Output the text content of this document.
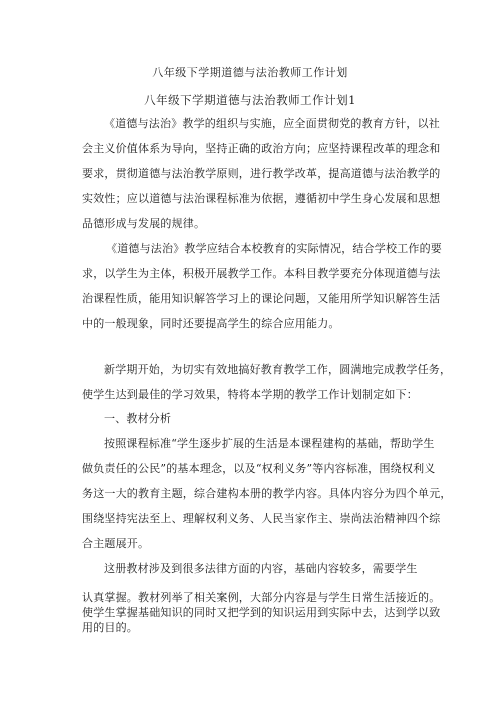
八年级下学期道德与法治教师工作计划
八年级下学期道德与法治教师工作计划1
《道德与法治》教学的组织与实施，应全面贯彻党的教育方针，以社
会主义价值体系为导向，坚持正确的政治方向；应坚持课程改革的理念和
要求，贯彻道德与法治教学原则，进行教学改革，提高道德与法治教学的
实效性；应以道德与法治课程标准为依据，遵循初中学生身心发展和思想
品德形成与发展的规律。
《道德与法治》教学应结合本校教育的实际情况，结合学校工作的要
求，以学生为主体，积极开展教学工作。本科目教学要充分体现道德与法
治课程性质，能用知识解答学习上的课论问题，又能用所学知识解答生活
中的一般现象，同时还要提高学生的综合应用能力。
新学期开始，为切实有效地搞好教育教学工作，圆满地完成教学任务，
使学生达到最佳的学习效果，特将本学期的教学工作计划制定如下：
一、教材分析
按照课程标准“学生逐步扩展的生活是本课程建构的基础，帮助学生
做负责任的公民”的基本理念，以及“权利义务”等内容标准，围绕权利义
务这一大的教育主题，综合建构本册的教学内容。具体内容分为四个单元，
围绕坚持宪法至上、理解权利义务、人民当家作主、崇尚法治精神四个综
合主题展开。
这册教材涉及到很多法律方面的内容，基础内容较多，需要学生
认真掌握。教材列举了相关案例，大部分内容是与学生日常生活接近的。
使学生掌握基础知识的同时又把学到的知识运用到实际中去，达到学以致
用的目的。
